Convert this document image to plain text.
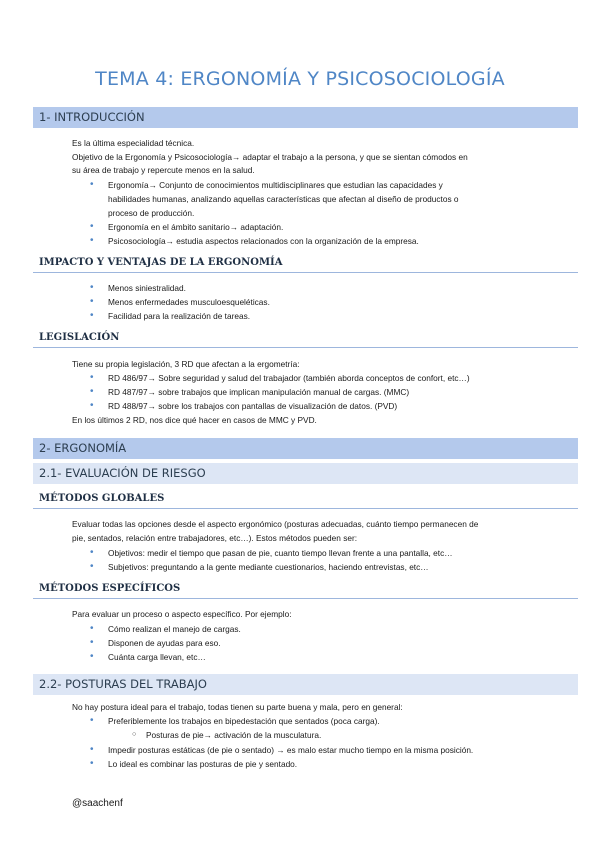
TEMA 4: ERGONOMÍA Y PSICOSOCIOLOGÍA
1- INTRODUCCIÓN
Es la última especialidad técnica.
Objetivo de la Ergonomía y Psicosociología→ adaptar el trabajo a la persona, y que se sientan cómodos en
su área de trabajo y repercute menos en la salud.
• Ergonomía→ Conjunto de conocimientos multidisciplinares que estudian las capacidades y
habilidades humanas, analizando aquellas características que afectan al diseño de productos o
proceso de producción.
• Ergonomía en el ámbito sanitario→ adaptación.
• Psicosociología→ estudia aspectos relacionados con la organización de la empresa.
IMPACTO Y VENTAJAS DE LA ERGONOMÍA
• Menos siniestralidad.
• Menos enfermedades musculoesqueléticas.
• Facilidad para la realización de tareas.
LEGISLACIÓN
Tiene su propia legislación, 3 RD que afectan a la ergometría:
• RD 486/97→ Sobre seguridad y salud del trabajador (también aborda conceptos de confort, etc…)
• RD 487/97→ sobre trabajos que implican manipulación manual de cargas. (MMC)
• RD 488/97→ sobre los trabajos con pantallas de visualización de datos. (PVD)
En los últimos 2 RD, nos dice qué hacer en casos de MMC y PVD.
2- ERGONOMÍA
2.1- EVALUACIÓN DE RIESGO
MÉTODOS GLOBALES
Evaluar todas las opciones desde el aspecto ergonómico (posturas adecuadas, cuánto tiempo permanecen de
pie, sentados, relación entre trabajadores, etc…). Estos métodos pueden ser:
• Objetivos: medir el tiempo que pasan de pie, cuanto tiempo llevan frente a una pantalla, etc…
• Subjetivos: preguntando a la gente mediante cuestionarios, haciendo entrevistas, etc…
MÉTODOS ESPECÍFICOS
Para evaluar un proceso o aspecto específico. Por ejemplo:
• Cómo realizan el manejo de cargas.
• Disponen de ayudas para eso.
• Cuánta carga llevan, etc…
2.2- POSTURAS DEL TRABAJO
No hay postura ideal para el trabajo, todas tienen su parte buena y mala, pero en general:
• Preferiblemente los trabajos en bipedestación que sentados (poca carga).
○ Posturas de pie→ activación de la musculatura.
• Impedir posturas estáticas (de pie o sentado) → es malo estar mucho tiempo en la misma posición.
• Lo ideal es combinar las posturas de pie y sentado.
@saachenf
